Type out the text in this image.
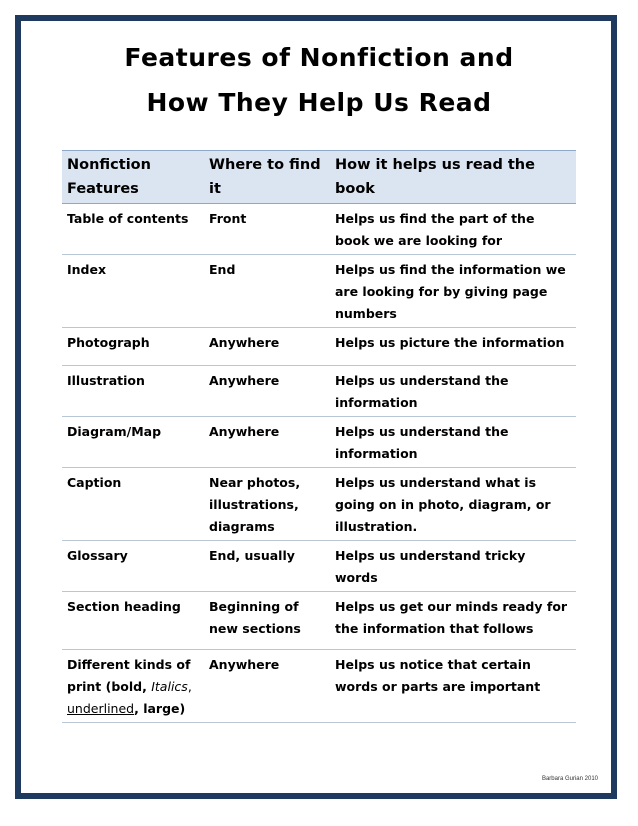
Features of Nonfiction and
How They Help Us Read
Nonfiction Features	Where to find it	How it helps us read the book
Table of contents	Front	Helps us find the part of the book we are looking for
Index	End	Helps us find the information we are looking for by giving page numbers
Photograph	Anywhere	Helps us picture the information
Illustration	Anywhere	Helps us understand the information
Diagram/Map	Anywhere	Helps us understand the information
Caption	Near photos, illustrations, diagrams	Helps us understand what is going on in photo, diagram, or illustration.
Glossary	End, usually	Helps us understand tricky words
Section heading	Beginning of new sections	Helps us get our minds ready for the information that follows
Different kinds of print (bold, Italics, underlined, large)	Anywhere	Helps us notice that certain words or parts are important
Barbara Gurian 2010
